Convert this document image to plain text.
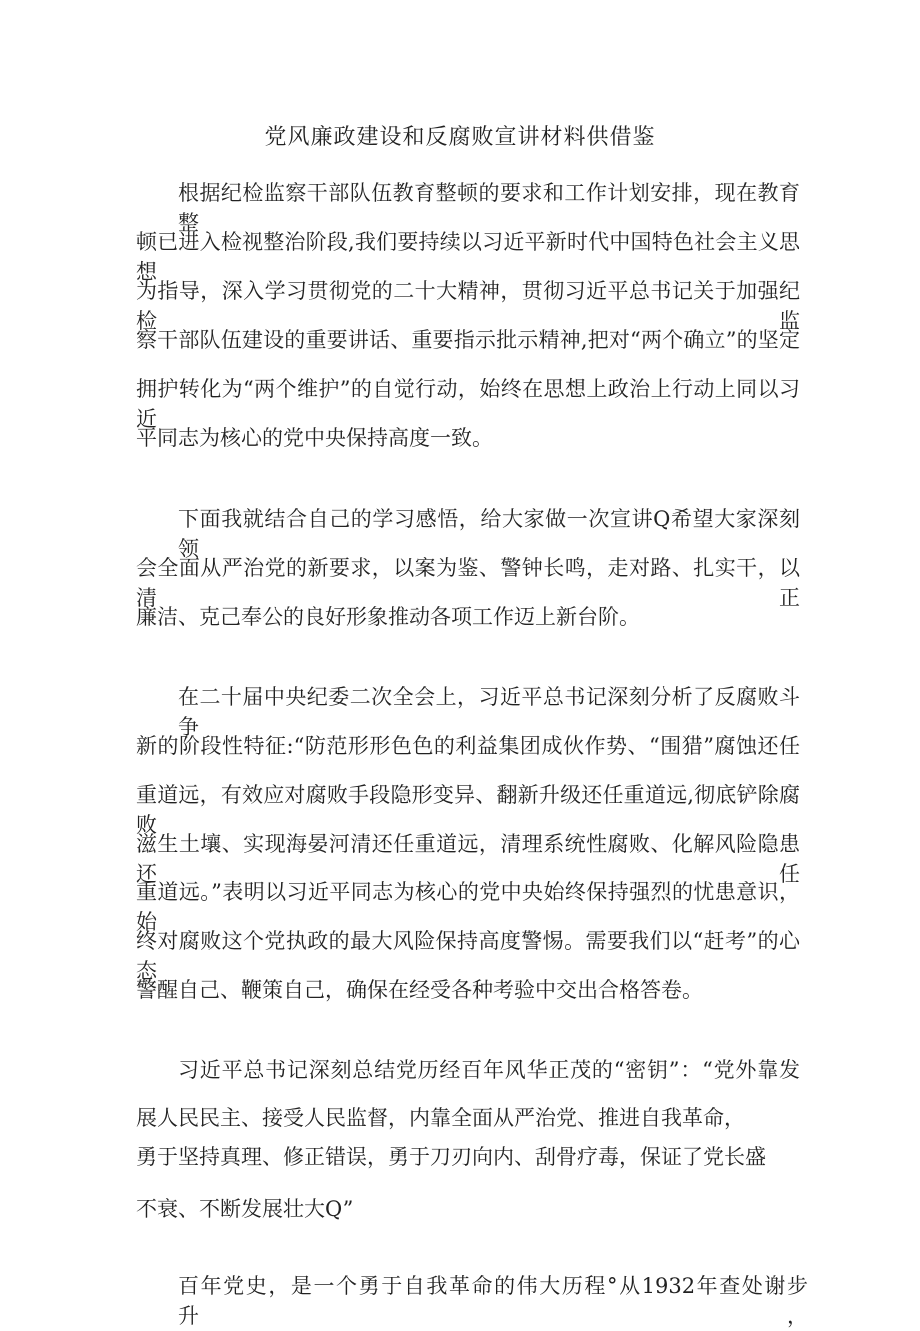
党风廉政建设和反腐败宣讲材料供借鉴
根据纪检监察干部队伍教育整顿的要求和工作计划安排，现在教育整
顿已进入检视整治阶段,我们要持续以习近平新时代中国特色社会主义思想
为指导，深入学习贯彻党的二十大精神，贯彻习近平总书记关于加强纪检监
察干部队伍建设的重要讲话、重要指示批示精神,把对“两个确立”的坚定
拥护转化为“两个维护”的自觉行动，始终在思想上政治上行动上同以习近
平同志为核心的党中央保持高度一致。
下面我就结合自己的学习感悟，给大家做一次宣讲Q希望大家深刻领
会全面从严治党的新要求，以案为鉴、警钟长鸣，走对路、扎实干，以清正
廉洁、克己奉公的良好形象推动各项工作迈上新台阶。
在二十届中央纪委二次全会上，习近平总书记深刻分析了反腐败斗争
新的阶段性特征:“防范形形色色的利益集团成伙作势、“围猎”腐蚀还任
重道远，有效应对腐败手段隐形变异、翻新升级还任重道远,彻底铲除腐败
滋生土壤、实现海晏河清还任重道远，清理系统性腐败、化解风险隐患还任
重道远。”表明以习近平同志为核心的党中央始终保持强烈的忧患意识，始
终对腐败这个党执政的最大风险保持高度警惕。需要我们以“赶考”的心态
警醒自己、鞭策自己，确保在经受各种考验中交出合格答卷。
习近平总书记深刻总结党历经百年风华正茂的“密钥”：“党外靠发
展人民民主、接受人民监督，内靠全面从严治党、推进自我革命，
勇于坚持真理、修正错误，勇于刀刃向内、刮骨疗毒，保证了党长盛
不衰、不断发展壮大Q”
百年党史，是一个勇于自我革命的伟大历程°从1932年查处谢步升，
